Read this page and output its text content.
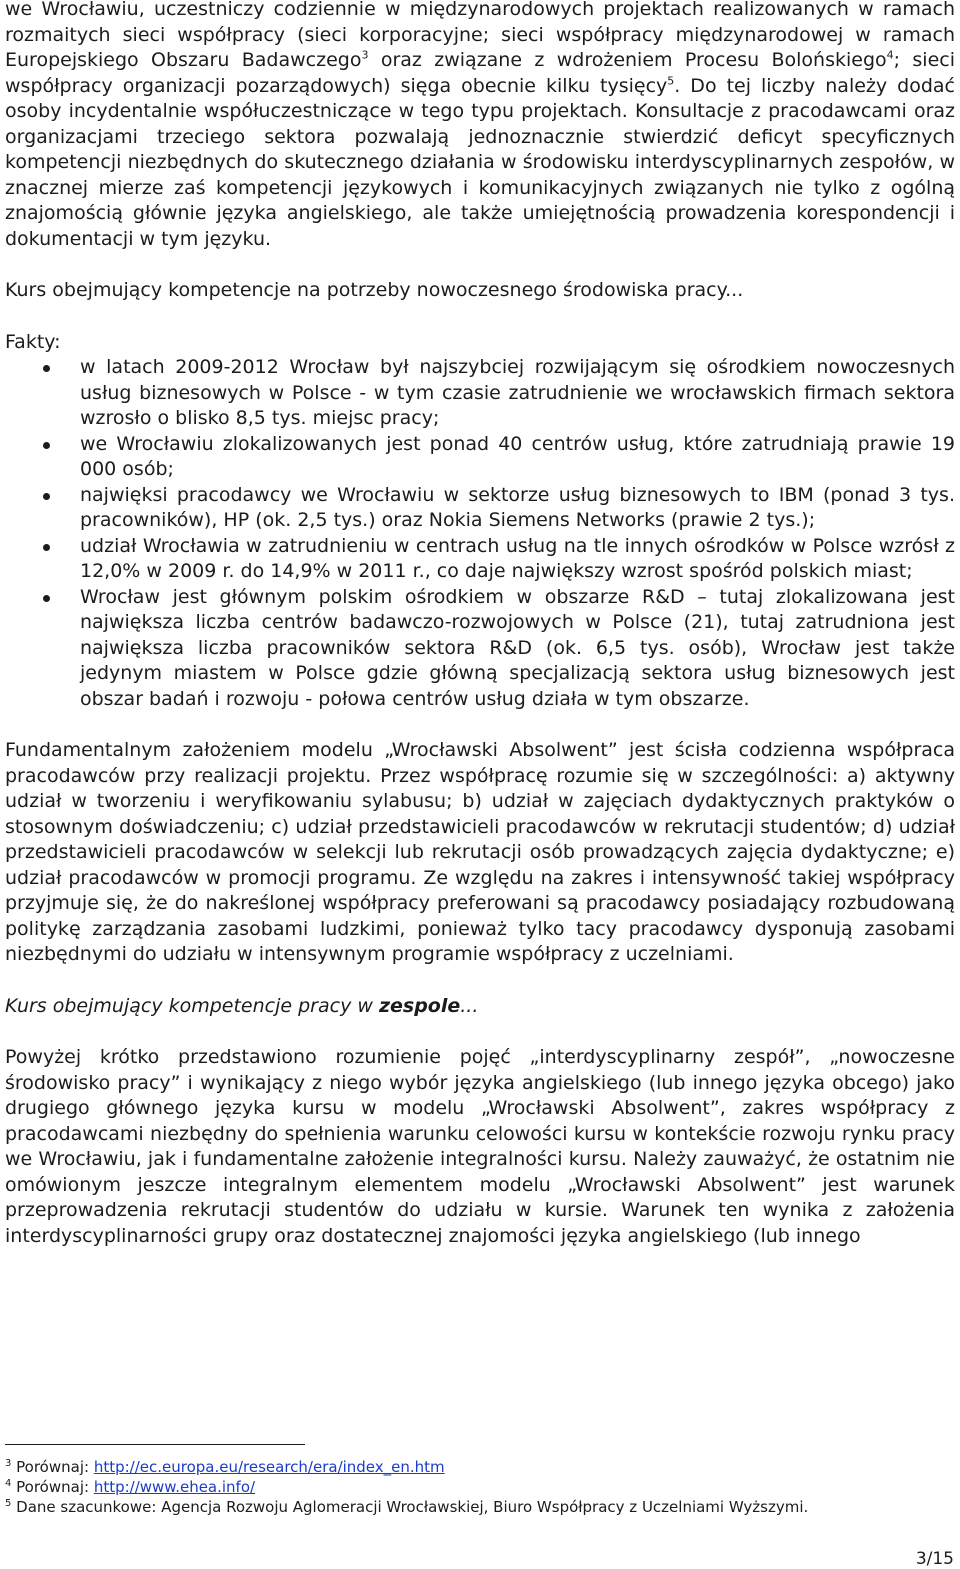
we Wrocławiu, uczestniczy codziennie w międzynarodowych projektach realizowanych w ramach rozmaitych sieci współpracy (sieci korporacyjne; sieci współpracy międzynarodowej w ramach Europejskiego Obszaru Badawczego$^3$ oraz związane z wdrożeniem Procesu Bolońskiego$^4$; sieci współpracy organizacji pozarządowych) sięga obecnie kilku tysięcy$^5$. Do tej liczby należy dodać osoby incydentalnie współuczestniczące w tego typu projektach. Konsultacje z pracodawcami oraz organizacjami trzeciego sektora pozwalają jednoznacznie stwierdzić deficyt specyficznych kompetencji niezbędnych do skutecznego działania w środowisku interdyscyplinarnych zespołów, w znacznej mierze zaś kompetencji językowych i komunikacyjnych związanych nie tylko z ogólną znajomością głównie języka angielskiego, ale także umiejętnością prowadzenia korespondencji i dokumentacji w tym języku.

Kurs obejmujący kompetencje na potrzeby nowoczesnego środowiska pracy...

Fakty:

w latach 2009-2012 Wrocław był najszybciej rozwijającym się ośrodkiem nowoczesnych usług biznesowych w Polsce - w tym czasie zatrudnienie we wrocławskich firmach sektora wzrosło o blisko 8,5 tys. miejsc pracy;
we Wrocławiu zlokalizowanych jest ponad 40 centrów usług, które zatrudniają prawie 19 000 osób;
najwięksi pracodawcy we Wrocławiu w sektorze usług biznesowych to IBM (ponad 3 tys. pracowników), HP (ok. 2,5 tys.) oraz Nokia Siemens Networks (prawie 2 tys.);
udział Wrocławia w zatrudnieniu w centrach usług na tle innych ośrodków w Polsce wzrósł z 12,0% w 2009 r. do 14,9% w 2011 r., co daje największy wzrost spośród polskich miast;
Wrocław jest głównym polskim ośrodkiem w obszarze R&D – tutaj zlokalizowana jest największa liczba centrów badawczo-rozwojowych w Polsce (21), tutaj zatrudniona jest największa liczba pracowników sektora R&D (ok. 6,5 tys. osób), Wrocław jest także jedynym miastem w Polsce gdzie główną specjalizacją sektora usług biznesowych jest obszar badań i rozwoju - połowa centrów usług działa w tym obszarze.

Fundamentalnym założeniem modelu „Wrocławski Absolwent” jest ścisła codzienna współpraca pracodawców przy realizacji projektu. Przez współpracę rozumie się w szczególności: a) aktywny udział w tworzeniu i weryfikowaniu sylabusu; b) udział w zajęciach dydaktycznych praktyków o stosownym doświadczeniu; c) udział przedstawicieli pracodawców w rekrutacji studentów; d) udział przedstawicieli pracodawców w selekcji lub rekrutacji osób prowadzących zajęcia dydaktyczne; e) udział pracodawców w promocji programu. Ze względu na zakres i intensywność takiej współpracy przyjmuje się, że do nakreślonej współpracy preferowani są pracodawcy posiadający rozbudowaną politykę zarządzania zasobami ludzkimi, ponieważ tylko tacy pracodawcy dysponują zasobami niezbędnymi do udziału w intensywnym programie współpracy z uczelniami.

Kurs obejmujący kompetencje pracy w zespole...

Powyżej krótko przedstawiono rozumienie pojęć „interdyscyplinarny zespół”, „nowoczesne środowisko pracy” i wynikający z niego wybór języka angielskiego (lub innego języka obcego) jako drugiego głównego języka kursu w modelu „Wrocławski Absolwent”, zakres współpracy z pracodawcami niezbędny do spełnienia warunku celowości kursu w kontekście rozwoju rynku pracy we Wrocławiu, jak i fundamentalne założenie integralności kursu. Należy zauważyć, że ostatnim nie omówionym jeszcze integralnym elementem modelu „Wrocławski Absolwent” jest warunek przeprowadzenia rekrutacji studentów do udziału w kursie. Warunek ten wynika z założenia interdyscyplinarności grupy oraz dostatecznej znajomości języka angielskiego (lub innego

$^3$ Porównaj: http://ec.europa.eu/research/era/index_en.htm
$^4$ Porównaj: http://www.ehea.info/
$^5$ Dane szacunkowe: Agencja Rozwoju Aglomeracji Wrocławskiej, Biuro Współpracy z Uczelniami Wyższymi.
3/15
